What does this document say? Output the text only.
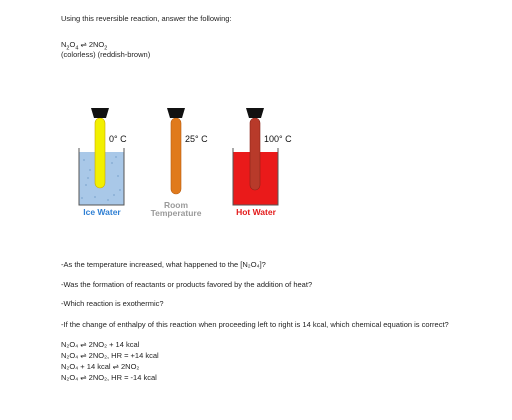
Using this reversible reaction, answer the following:
$N_2O_4$ ⇌ $2NO_2$
(colorless) (reddish-brown)
0° C	25° C	100° C
Ice Water
Room
Temperature	Hot Water
-As the temperature increased, what happened to the [N₂O₄]?
-Was the formation of reactants or products favored by the addition of heat?
-Which reaction is exothermic?
-If the change of enthalpy of this reaction when proceeding left to right is 14 kcal, which chemical equation is correct?
N₂O₄ ⇌ 2NO₂ + 14 kcal
N₂O₄ ⇌ 2NO₂, HR = +14 kcal
N₂O₄ + 14 kcal ⇌ 2NO₂
N₂O₄ ⇌ 2NO₂, HR = -14 kcal
